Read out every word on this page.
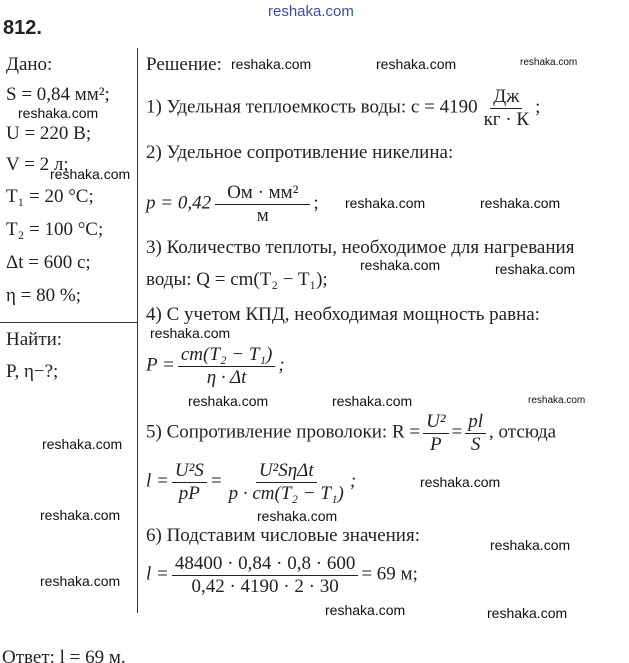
reshaka.com
812.
Дано:
S = 0,84 мм²;
U = 220 В;
V = 2 л;
T₁ = 20 °C;
T₂ = 100 °C;
Δt = 600 с;
η = 80 %;
Найти:
P, η−?;
Решение:
1) Удельная теплоемкость воды: c = 4190
Дж
кг · К
;
2) Удельное сопротивление никелина:
p = 0,42
Ом · мм²
м
;
3) Количество теплоты, необходимое для нагревания
воды: Q = cm(T₂ − T₁);
4) С учетом КПД, необходимая мощность равна:
$P = \frac{\text{cm(T₂ − T₁)}}{\eta \cdot \Delta t}$ ;
5) Сопротивление проволоки: $R = \frac{\text{U²}}{P} = \frac{pl}{S}$ , отсюда
$l = \frac{\text{U²S}}{pP}$ =
U²SηΔt
p · cm(T₂ − T₁)
;
6) Подставим числовые значения:
$l = \frac{48400 \cdot 0,84 \cdot 0,8 \cdot 600}{0,42 \cdot 4190 \cdot 2 \cdot 30} = 69$ м;
Ответ: l = 69 м.
reshaka.com
reshaka.com	reshaka.com	reshaka.com
reshaka.com
reshaka.com	reshaka.com
reshaka.com	reshaka.com
reshaka.com
reshaka.com	reshaka.com	reshaka.com
reshaka.com
reshaka.com
reshaka.com	reshaka.com
reshaka.com
reshaka.com
reshaka.com	reshaka.com
